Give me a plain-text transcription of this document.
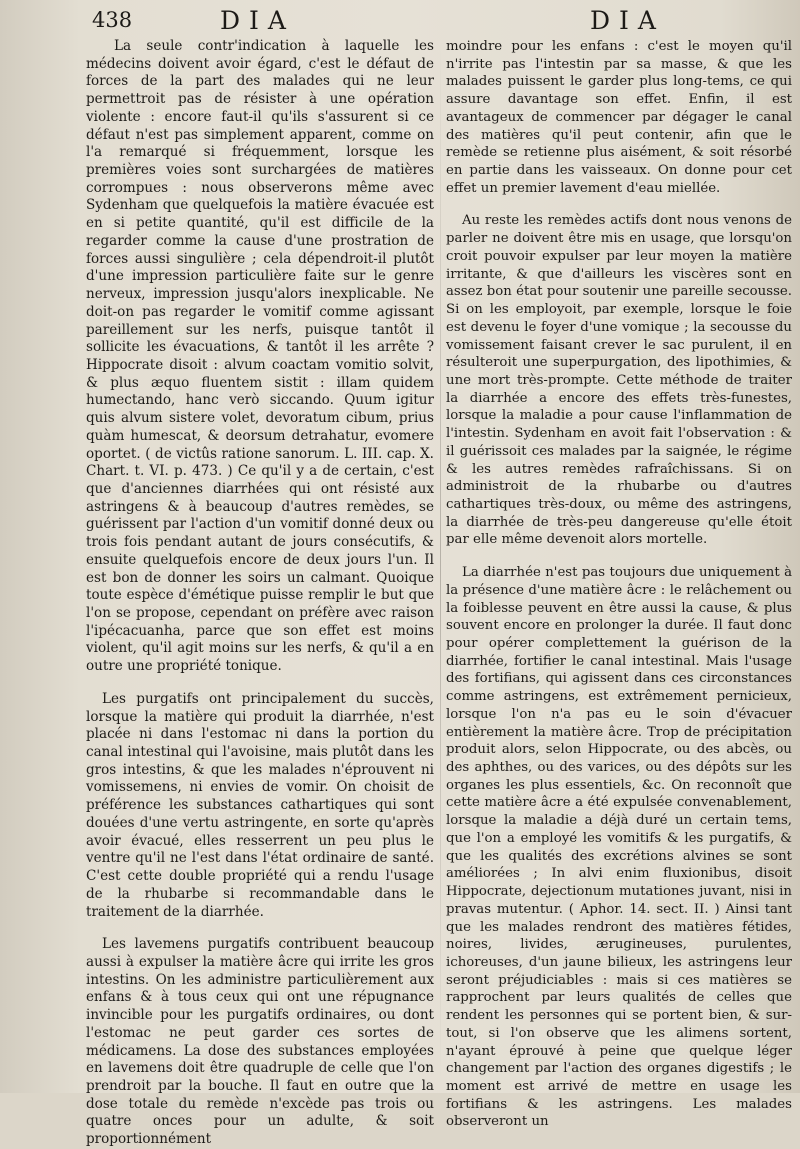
438	DIA	DIA

La seule contr'indication à laquelle les médecins doivent avoir égard, c'est le défaut de forces de la part des malades qui ne leur permettroit pas de résister à une opération violente : encore faut-il qu'ils s'assurent si ce défaut n'est pas simplement apparent, comme on l'a remarqué si fréquemment, lorsque les premières voies sont surchargées de matières corrompues : nous observerons même avec Sydenham que quelquefois la matière évacuée est en si petite quantité, qu'il est difficile de la regarder comme la cause d'une prostration de forces aussi singulière ; cela dépendroit-il plutôt d'une impression particulière faite sur le genre nerveux, impression jusqu'alors inexplicable. Ne doit-on pas regarder le vomitif comme agissant pareillement sur les nerfs, puisque tantôt il sollicite les évacuations, & tantôt il les arrête ? Hippocrate disoit : alvum coactam vomitio solvit, & plus æquo fluentem sistit : illam quidem humectando, hanc verò siccando. Quum igitur quis alvum sistere volet, devoratum cibum, prius quàm humescat, & deorsum detrahatur, evomere oportet. ( de victûs ratione sanorum. L. III. cap. X. Chart. t. VI. p. 473. ) Ce qu'il y a de certain, c'est que d'anciennes diarrhées qui ont résisté aux astringens & à beaucoup d'autres remèdes, se guérissent par l'action d'un vomitif donné deux ou trois fois pendant autant de jours consécutifs, & ensuite quelquefois encore de deux jours l'un. Il est bon de donner les soirs un calmant. Quoique toute espèce d'émétique puisse remplir le but que l'on se propose, cependant on préfère avec raison l'ipécacuanha, parce que son effet est moins violent, qu'il agit moins sur les nerfs, & qu'il a en outre une propriété tonique.

Les purgatifs ont principalement du succès, lorsque la matière qui produit la diarrhée, n'est placée ni dans l'estomac ni dans la portion du canal intestinal qui l'avoisine, mais plutôt dans les gros intestins, & que les malades n'éprouvent ni vomissemens, ni envies de vomir. On choisit de préférence les substances cathartiques qui sont douées d'une vertu astringente, en sorte qu'après avoir évacué, elles resserrent un peu plus le ventre qu'il ne l'est dans l'état ordinaire de santé. C'est cette double propriété qui a rendu l'usage de la rhubarbe si recommandable dans le traitement de la diarrhée.

Les lavemens purgatifs contribuent beaucoup aussi à expulser la matière âcre qui irrite les gros intestins. On les administre particulièrement aux enfans & à tous ceux qui ont une répugnance invincible pour les purgatifs ordinaires, ou dont l'estomac ne peut garder ces sortes de médicamens. La dose des substances employées en lavemens doit être quadruple de celle que l'on prendroit par la bouche. Il faut en outre que la dose totale du remède n'excède pas trois ou quatre onces pour un adulte, & soit proportionnément

moindre pour les enfans : c'est le moyen qu'il n'irrite pas l'intestin par sa masse, & que les malades puissent le garder plus long-tems, ce qui assure davantage son effet. Enfin, il est avantageux de commencer par dégager le canal des matières qu'il peut contenir, afin que le remède se retienne plus aisément, & soit résorbé en partie dans les vaisseaux. On donne pour cet effet un premier lavement d'eau miellée.

Au reste les remèdes actifs dont nous venons de parler ne doivent être mis en usage, que lorsqu'on croit pouvoir expulser par leur moyen la matière irritante, & que d'ailleurs les viscères sont en assez bon état pour soutenir une pareille secousse. Si on les employoit, par exemple, lorsque le foie est devenu le foyer d'une vomique ; la secousse du vomissement faisant crever le sac purulent, il en résulteroit une superpurgation, des lipothimies, & une mort très-prompte. Cette méthode de traiter la diarrhée a encore des effets très-funestes, lorsque la maladie a pour cause l'inflammation de l'intestin. Sydenham en avoit fait l'observation : & il guérissoit ces malades par la saignée, le régime & les autres remèdes rafraîchissans. Si on administroit de la rhubarbe ou d'autres cathartiques très-doux, ou même des astringens, la diarrhée de très-peu dangereuse qu'elle étoit par elle même devenoit alors mortelle.

La diarrhée n'est pas toujours due uniquement à la présence d'une matière âcre : le relâchement ou la foiblesse peuvent en être aussi la cause, & plus souvent encore en prolonger la durée. Il faut donc pour opérer complettement la guérison de la diarrhée, fortifier le canal intestinal. Mais l'usage des fortifians, qui agissent dans ces circonstances comme astringens, est extrêmement pernicieux, lorsque l'on n'a pas eu le soin d'évacuer entièrement la matière âcre. Trop de précipitation produit alors, selon Hippocrate, ou des abcès, ou des aphthes, ou des varices, ou des dépôts sur les organes les plus essentiels, &c. On reconnoît que cette matière âcre a été expulsée convenablement, lorsque la maladie a déjà duré un certain tems, que l'on a employé les vomitifs & les purgatifs, & que les qualités des excrétions alvines se sont améliorées ; In alvi enim fluxionibus, disoit Hippocrate, dejectionum mutationes juvant, nisi in pravas mutentur. ( Aphor. 14. sect. II. ) Ainsi tant que les malades rendront des matières fétides, noires, livides, ærugineuses, purulentes, ichoreuses, d'un jaune bilieux, les astringens leur seront préjudiciables : mais si ces matières se rapprochent par leurs qualités de celles que rendent les personnes qui se portent bien, & sur-tout, si l'on observe que les alimens sortent, n'ayant éprouvé à peine que quelque léger changement par l'action des organes digestifs ; le moment est arrivé de mettre en usage les fortifians & les astringens. Les malades observeront un
